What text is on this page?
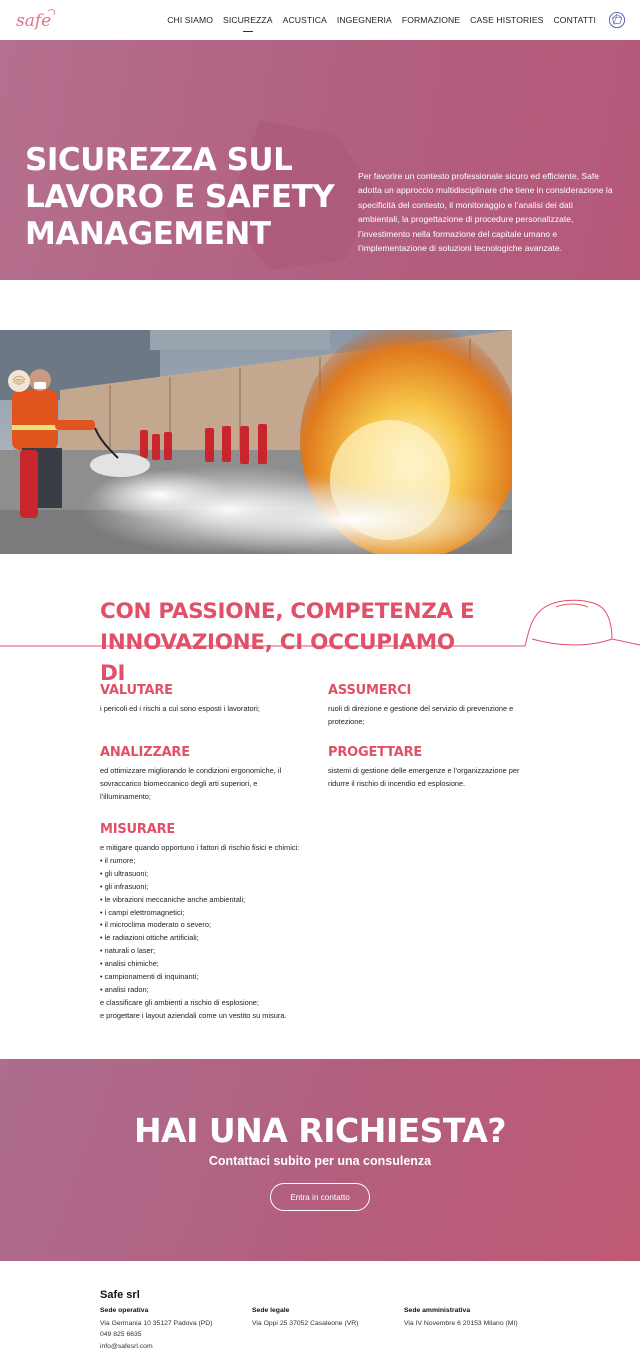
safe	CHI SIAMO SICUREZZA ACUSTICA INGEGNERIA FORMAZIONE CASE HISTORIES CONTATTI
SICUREZZA SUL
LAVORO E SAFETY
MANAGEMENT

Per favorire un contesto professionale sicuro ed efficiente, Safe adotta un approccio multidisciplinare che tiene in considerazione la specificità del contesto, il monitoraggio e l’analisi dei dati ambientali, la progettazione di procedure personalizzate, l’investimento nella formazione del capitale umano e l’implementazione di soluzioni tecnologiche avanzate.

CON PASSIONE, COMPETENZA E
INNOVAZIONE, CI OCCUPIAMO DI
VALUTARE

i pericoli ed i rischi a cui sono esposti i lavoratori;

ASSUMERCI

ruoli di direzione e gestione del servizio di prevenzione e protezione;

ANALIZZARE

ed ottimizzare migliorando le condizioni ergonomiche, il sovraccarico biomeccanico degli arti superiori, e l’illuminamento;

PROGETTARE

sistemi di gestione delle emergenze e l’organizzazione per ridurre il rischio di incendio ed esplosione.

MISURARE

e mitigare quando opportuno i fattori di rischio fisici e chimici:

• il rumore;
• gli ultrasuoni;
• gli infrasuoni;
• le vibrazioni meccaniche anche ambientali;
• i campi elettromagnetici;
• il microclima moderato o severo;
• le radiazioni ottiche artificiali;
• naturali o laser;
• analisi chimiche;
• campionamenti di inquinanti;
• analisi radon;

e classificare gli ambienti a rischio di esplosione;

e progettare i layout aziendali come un vestito su misura.

HAI UNA RICHIESTA?

Contattaci subito per una consulenza

Entra in contatto
Safe srl
Sede operativa
Via Germania 10 35127 Padova (PD)
049 825 6635
info@safesrl.com
Sede legale
Via Oppi 25 37052 Casaleone (VR)
Sede amministrativa
Via IV Novembre 6 20153 Milano (MI)
